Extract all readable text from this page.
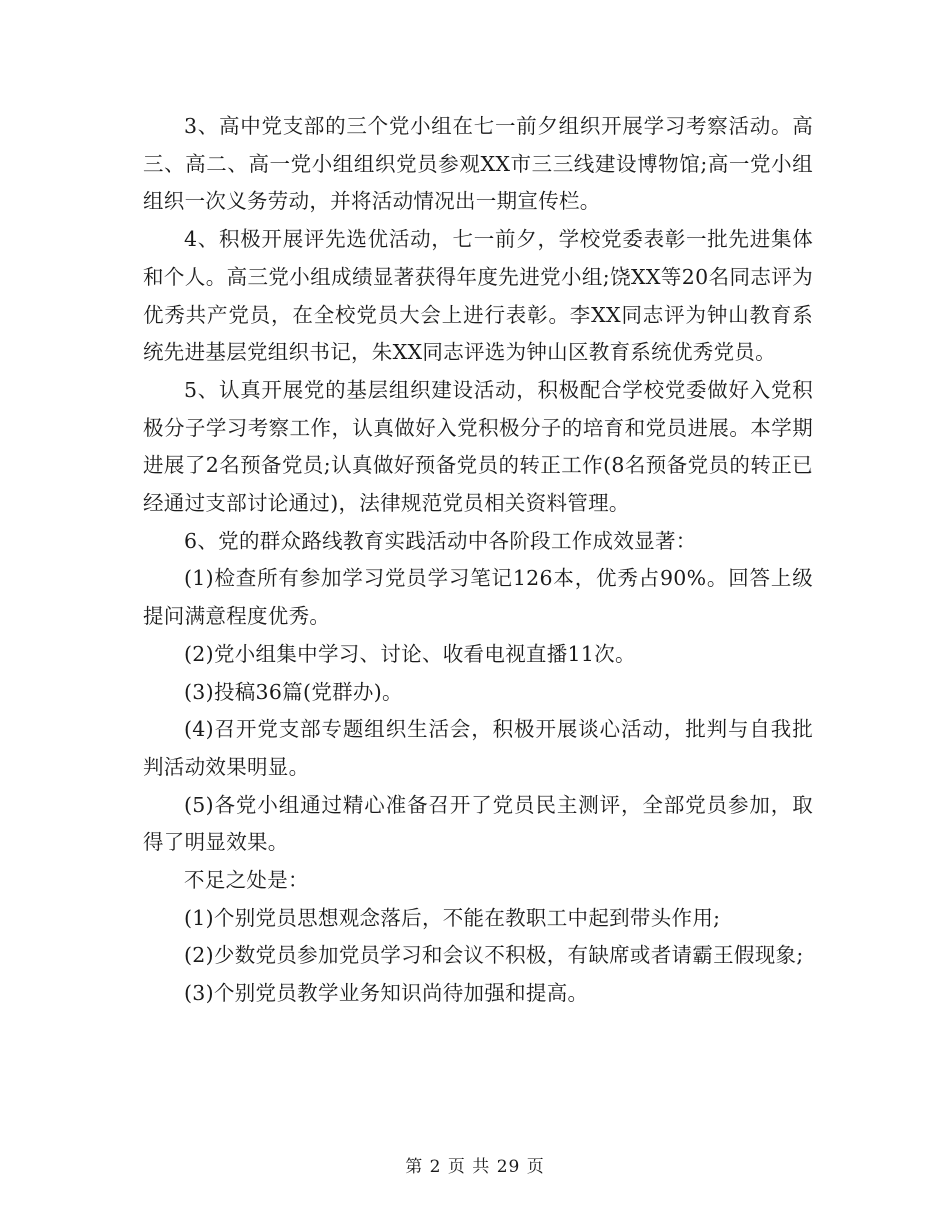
3、高中党支部的三个党小组在七一前夕组织开展学习考察活动。高三、高二、高一党小组组织党员参观XX市三三线建设博物馆;高一党小组组织一次义务劳动，并将活动情况出一期宣传栏。

4、积极开展评先选优活动，七一前夕，学校党委表彰一批先进集体和个人。高三党小组成绩显著获得年度先进党小组;饶XX等20名同志评为优秀共产党员，在全校党员大会上进行表彰。李XX同志评为钟山教育系统先进基层党组织书记，朱XX同志评选为钟山区教育系统优秀党员。

5、认真开展党的基层组织建设活动，积极配合学校党委做好入党积极分子学习考察工作，认真做好入党积极分子的培育和党员进展。本学期进展了2名预备党员;认真做好预备党员的转正工作(8名预备党员的转正已经通过支部讨论通过)，法律规范党员相关资料管理。

6、党的群众路线教育实践活动中各阶段工作成效显著：

(1)检查所有参加学习党员学习笔记126本，优秀占90%。回答上级提问满意程度优秀。

(2)党小组集中学习、讨论、收看电视直播11次。

(3)投稿36篇(党群办)。

(4)召开党支部专题组织生活会，积极开展谈心活动，批判与自我批判活动效果明显。

(5)各党小组通过精心准备召开了党员民主测评，全部党员参加，取得了明显效果。

不足之处是：

(1)个别党员思想观念落后，不能在教职工中起到带头作用;

(2)少数党员参加党员学习和会议不积极，有缺席或者请霸王假现象;

(3)个别党员教学业务知识尚待加强和提高。

第 2 页 共 29 页
